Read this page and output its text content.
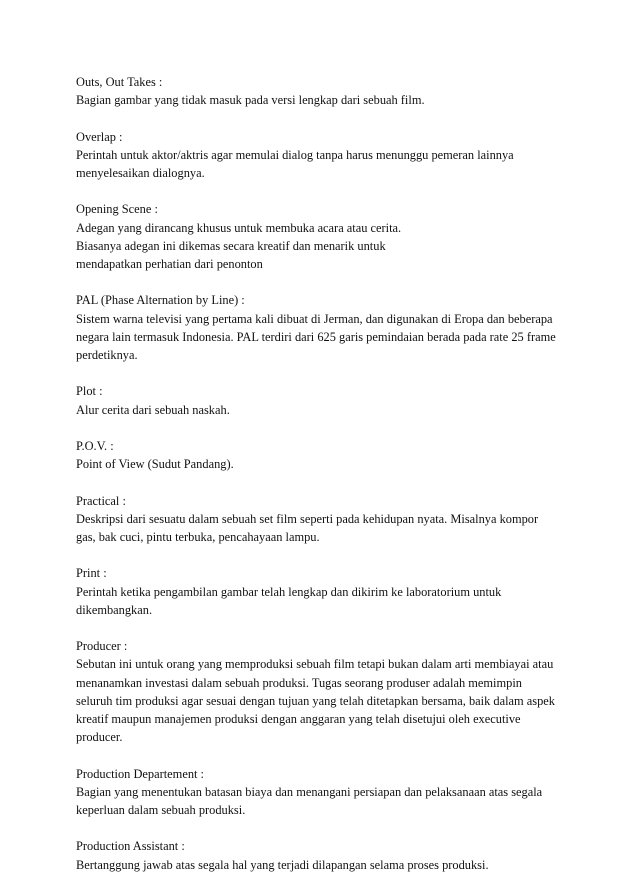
Outs, Out Takes :
Bagian gambar yang tidak masuk pada versi lengkap dari sebuah film.
Overlap :
Perintah untuk aktor/aktris agar memulai dialog tanpa harus menunggu pemeran lainnya
menyelesaikan dialognya.
Opening Scene :
Adegan yang dirancang khusus untuk membuka acara atau cerita.
Biasanya adegan ini dikemas secara kreatif dan menarik untuk
mendapatkan perhatian dari penonton
PAL (Phase Alternation by Line) :
Sistem warna televisi yang pertama kali dibuat di Jerman, dan digunakan di Eropa dan beberapa
negara lain termasuk Indonesia. PAL terdiri dari 625 garis pemindaian berada pada rate 25 frame
perdetiknya.
Plot :
Alur cerita dari sebuah naskah.
P.O.V. :
Point of View (Sudut Pandang).
Practical :
Deskripsi dari sesuatu dalam sebuah set film seperti pada kehidupan nyata. Misalnya kompor
gas, bak cuci, pintu terbuka, pencahayaan lampu.
Print :
Perintah ketika pengambilan gambar telah lengkap dan dikirim ke laboratorium untuk
dikembangkan.
Producer :
Sebutan ini untuk orang yang memproduksi sebuah film tetapi bukan dalam arti membiayai atau
menanamkan investasi dalam sebuah produksi. Tugas seorang produser adalah memimpin
seluruh tim produksi agar sesuai dengan tujuan yang telah ditetapkan bersama, baik dalam aspek
kreatif maupun manajemen produksi dengan anggaran yang telah disetujui oleh executive
producer.
Production Departement :
Bagian yang menentukan batasan biaya dan menangani persiapan dan pelaksanaan atas segala
keperluan dalam sebuah produksi.
Production Assistant :
Bertanggung jawab atas segala hal yang terjadi dilapangan selama proses produksi.
